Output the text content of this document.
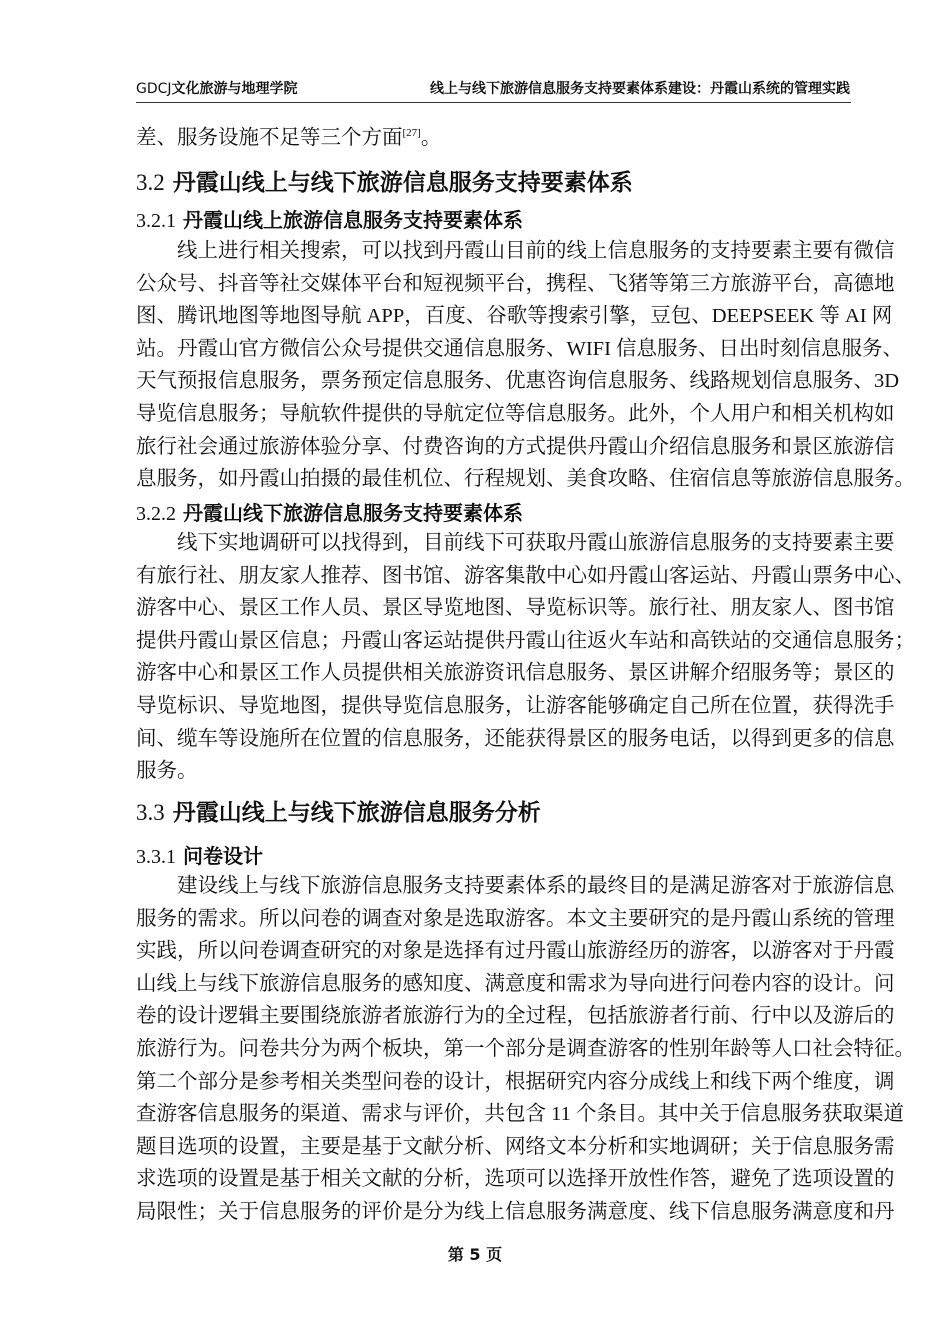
GDCJ文化旅游与地理学院	线上与线下旅游信息服务支持要素体系建设：丹霞山系统的管理实践
差、服务设施不足等三个方面[27]。
3.2 丹霞山线上与线下旅游信息服务支持要素体系
3.2.1 丹霞山线上旅游信息服务支持要素体系
线上进行相关搜索，可以找到丹霞山目前的线上信息服务的支持要素主要有微信
公众号、抖音等社交媒体平台和短视频平台，携程、飞猪等第三方旅游平台，高德地
图、腾讯地图等地图导航 APP，百度、谷歌等搜索引擎，豆包、DEEPSEEK 等 AI 网
站。丹霞山官方微信公众号提供交通信息服务、WIFI 信息服务、日出时刻信息服务、
天气预报信息服务，票务预定信息服务、优惠咨询信息服务、线路规划信息服务、3D
导览信息服务；导航软件提供的导航定位等信息服务。此外，个人用户和相关机构如
旅行社会通过旅游体验分享、付费咨询的方式提供丹霞山介绍信息服务和景区旅游信
息服务，如丹霞山拍摄的最佳机位、行程规划、美食攻略、住宿信息等旅游信息服务。
3.2.2 丹霞山线下旅游信息服务支持要素体系
线下实地调研可以找得到，目前线下可获取丹霞山旅游信息服务的支持要素主要
有旅行社、朋友家人推荐、图书馆、游客集散中心如丹霞山客运站、丹霞山票务中心、
游客中心、景区工作人员、景区导览地图、导览标识等。旅行社、朋友家人、图书馆
提供丹霞山景区信息；丹霞山客运站提供丹霞山往返火车站和高铁站的交通信息服务；
游客中心和景区工作人员提供相关旅游资讯信息服务、景区讲解介绍服务等；景区的
导览标识、导览地图，提供导览信息服务，让游客能够确定自己所在位置，获得洗手
间、缆车等设施所在位置的信息服务，还能获得景区的服务电话，以得到更多的信息
服务。
3.3 丹霞山线上与线下旅游信息服务分析
3.3.1 问卷设计
建设线上与线下旅游信息服务支持要素体系的最终目的是满足游客对于旅游信息
服务的需求。所以问卷的调查对象是选取游客。本文主要研究的是丹霞山系统的管理
实践，所以问卷调查研究的对象是选择有过丹霞山旅游经历的游客，以游客对于丹霞
山线上与线下旅游信息服务的感知度、满意度和需求为导向进行问卷内容的设计。问
卷的设计逻辑主要围绕旅游者旅游行为的全过程，包括旅游者行前、行中以及游后的
旅游行为。问卷共分为两个板块，第一个部分是调查游客的性别年龄等人口社会特征。
第二个部分是参考相关类型问卷的设计，根据研究内容分成线上和线下两个维度，调
查游客信息服务的渠道、需求与评价，共包含 11 个条目。其中关于信息服务获取渠道
题目选项的设置，主要是基于文献分析、网络文本分析和实地调研；关于信息服务需
求选项的设置是基于相关文献的分析，选项可以选择开放性作答，避免了选项设置的
局限性；关于信息服务的评价是分为线上信息服务满意度、线下信息服务满意度和丹
第 5 页
